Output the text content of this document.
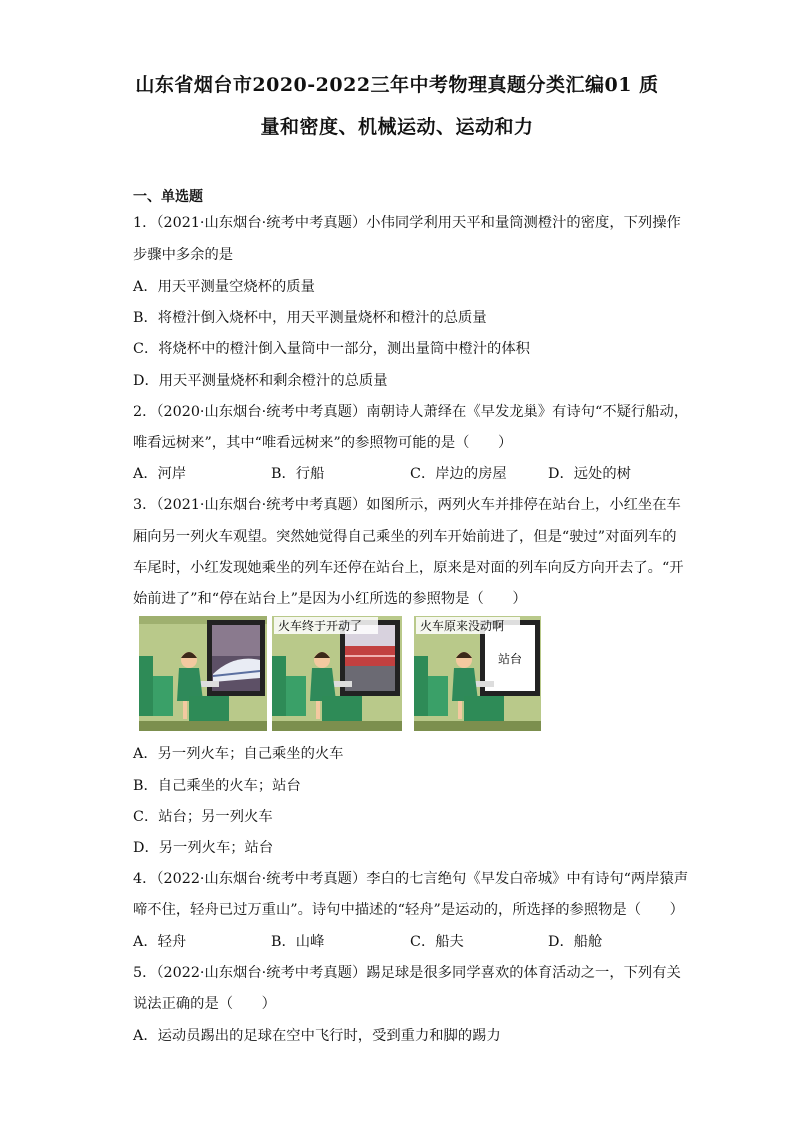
山东省烟台市2020-2022三年中考物理真题分类汇编01 质
量和密度、机械运动、运动和力
一、单选题
1．（2021·山东烟台·统考中考真题）小伟同学利用天平和量筒测橙汁的密度，下列操作
步骤中多余的是
A．用天平测量空烧杯的质量
B．将橙汁倒入烧杯中，用天平测量烧杯和橙汁的总质量
C．将烧杯中的橙汁倒入量筒中一部分，测出量筒中橙汁的体积
D．用天平测量烧杯和剩余橙汁的总质量
2．（2020·山东烟台·统考中考真题）南朝诗人萧绎在《早发龙巢》有诗句“不疑行船动，
唯看远树来”，其中“唯看远树来”的参照物可能的是（　　）
A．河岸	B．行船	C．岸边的房屋	D．远处的树
3．（2021·山东烟台·统考中考真题）如图所示，两列火车并排停在站台上，小红坐在车
厢向另一列火车观望。突然她觉得自己乘坐的列车开始前进了，但是“驶过”对面列车的
车尾时，小红发现她乘坐的列车还停在站台上，原来是对面的列车向反方向开去了。“开
始前进了”和“停在站台上”是因为小红所选的参照物是（　　）
火车终于开动了	火车原来没动啊
站台
A．另一列火车；自己乘坐的火车
B．自己乘坐的火车；站台
C．站台；另一列火车
D．另一列火车；站台
4．（2022·山东烟台·统考中考真题）李白的七言绝句《早发白帝城》中有诗句“两岸猿声
啼不住，轻舟已过万重山”。诗句中描述的“轻舟”是运动的，所选择的参照物是（　　）
A．轻舟	B．山峰	C．船夫	D．船舱
5．（2022·山东烟台·统考中考真题）踢足球是很多同学喜欢的体育活动之一，下列有关
说法正确的是（　　）
A．运动员踢出的足球在空中飞行时，受到重力和脚的踢力
